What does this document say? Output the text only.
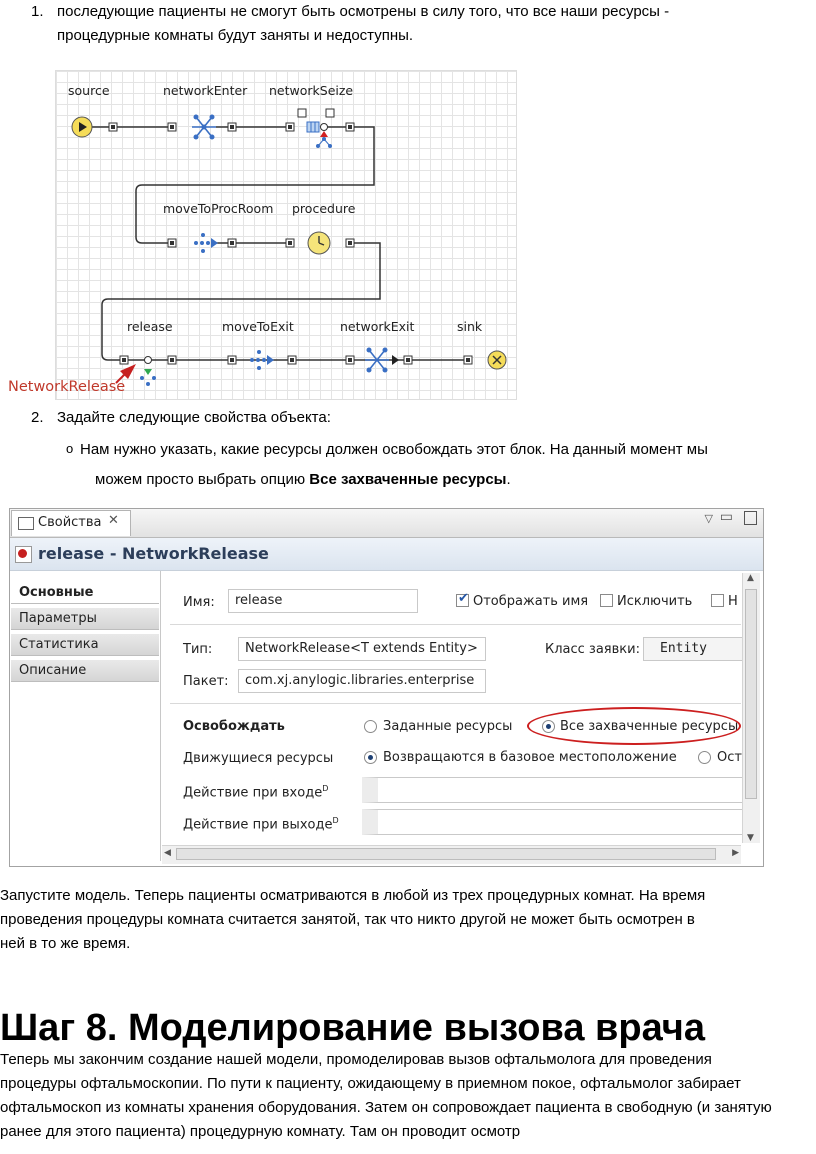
1. последующие пациенты не смогут быть осмотрены в силу того, что все наши ресурсы -
процедурные комнаты будут заняты и недоступны.
source	networkEnter networkSeize
moveToProcRoom procedure
release	moveToExit	networkExit	sink
NetworkRelease
2. Задайте следующие свойства объекта:
o Нам нужно указать, какие ресурсы должен освобождать этот блок. На данный момент мы
можем просто выбрать опцию Все захваченные ресурсы.
Свойства ✕	▽ ▭
release - NetworkRelease
Основные
Параметры
Статистика
Описание
Имя:	release	✔ Отображать имя Исключить	Н
Тип:	NetworkRelease<T extends Entity>	Класс заявки:	Entity
Пакет:	com.xj.anylogic.libraries.enterprise
Освобождать	Заданные ресурсы	Все захваченные ресурсы
Движущиеся ресурсы	Возвращаются в базовое местоположение	Ост
Действие при входе$^D$
Действие при выходе$^D$
▲
▼
◀	▶
Запустите модель. Теперь пациенты осматриваются в любой из трех процедурных комнат. На время
проведения процедуры комната считается занятой, так что никто другой не может быть осмотрен в
ней в то же время.
Шаг 8. Моделирование вызова врача
Теперь мы закончим создание нашей модели, промоделировав вызов офтальмолога для проведения
процедуры офтальмоскопии. По пути к пациенту, ожидающему в приемном покое, офтальмолог забирает
офтальмоскоп из комнаты хранения оборудования. Затем он сопровождает пациента в свободную (и занятую
ранее для этого пациента) процедурную комнату. Там он проводит осмотр
